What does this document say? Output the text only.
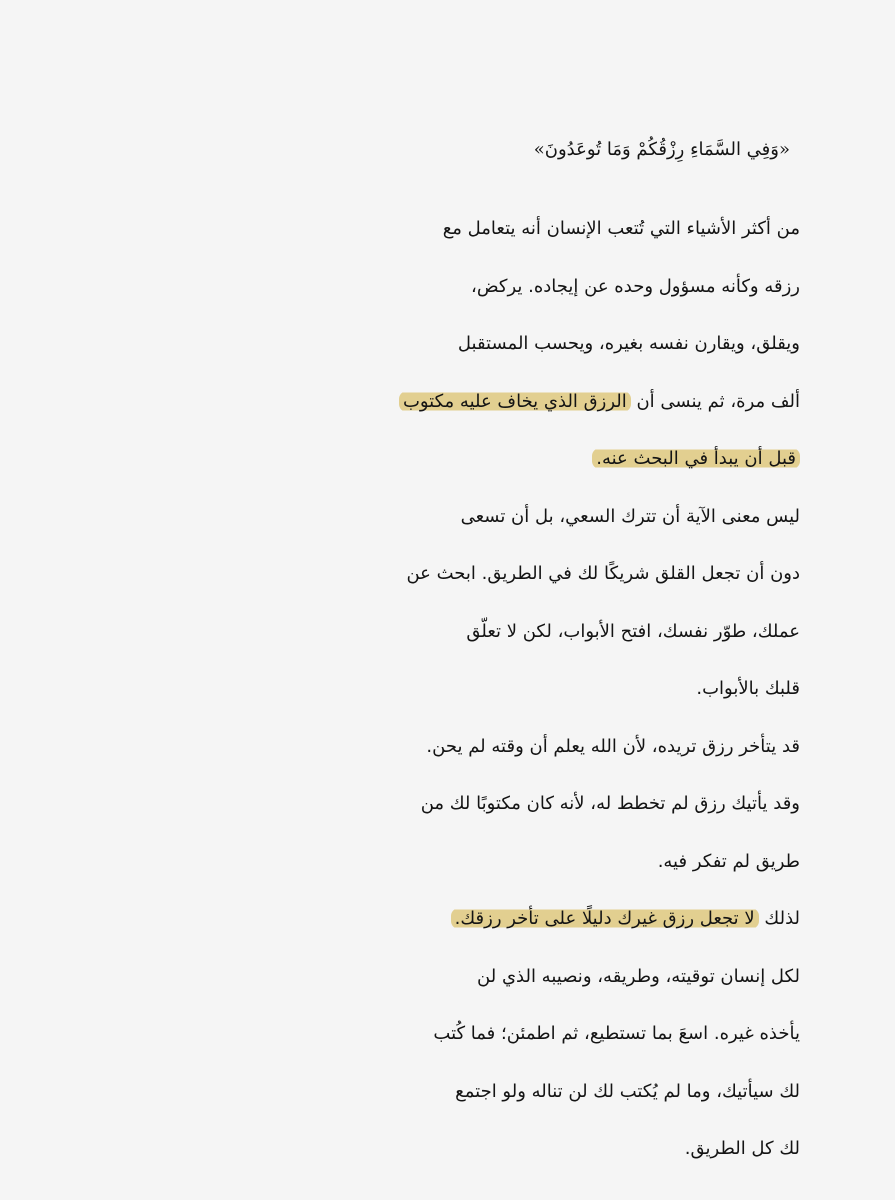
«وَفِي السَّمَاءِ رِزْقُكُمْ وَمَا تُوعَدُونَ»
من أكثر الأشياء التي تُتعب الإنسان أنه يتعامل مع
رزقه وكأنه مسؤول وحده عن إيجاده. يركض،
ويقلق، ويقارن نفسه بغيره، ويحسب المستقبل
ألف مرة، ثم ينسى أن الرزق الذي يخاف عليه مكتوب
قبل أن يبدأ في البحث عنه.
ليس معنى الآية أن تترك السعي، بل أن تسعى
دون أن تجعل القلق شريكًا لك في الطريق. ابحث عن
عملك، طوّر نفسك، افتح الأبواب، لكن لا تعلّق
قلبك بالأبواب.
قد يتأخر رزق تريده، لأن الله يعلم أن وقته لم يحن.
وقد يأتيك رزق لم تخطط له، لأنه كان مكتوبًا لك من
طريق لم تفكر فيه.
لذلك لا تجعل رزق غيرك دليلًا على تأخر رزقك.
لكل إنسان توقيته، وطريقه، ونصيبه الذي لن
يأخذه غيره. اسعَ بما تستطيع، ثم اطمئن؛ فما كُتب
لك سيأتيك، وما لم يُكتب لك لن تناله ولو اجتمع
لك كل الطريق.
